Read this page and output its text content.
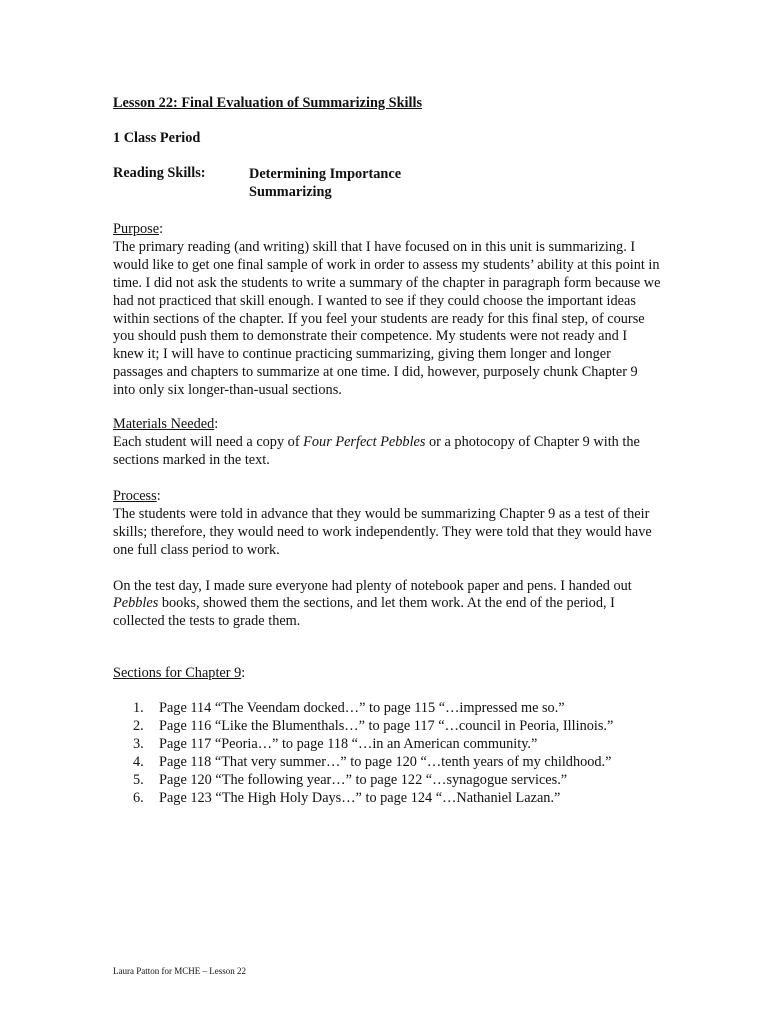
Lesson 22: Final Evaluation of Summarizing Skills
1 Class Period
Reading Skills:	Determining Importance
Summarizing
Purpose:

The primary reading (and writing) skill that I have focused on in this unit is summarizing. I would like to get one final sample of work in order to assess my students’ ability at this point in time. I did not ask the students to write a summary of the chapter in paragraph form because we had not practiced that skill enough. I wanted to see if they could choose the important ideas within sections of the chapter. If you feel your students are ready for this final step, of course you should push them to demonstrate their competence. My students were not ready and I knew it; I will have to continue practicing summarizing, giving them longer and longer passages and chapters to summarize at one time. I did, however, purposely chunk Chapter 9 into only six longer-than-usual sections.

Materials Needed:

Each student will need a copy of Four Perfect Pebbles or a photocopy of Chapter 9 with the sections marked in the text.

Process:

The students were told in advance that they would be summarizing Chapter 9 as a test of their skills; therefore, they would need to work independently. They were told that they would have one full class period to work.

On the test day, I made sure everyone had plenty of notebook paper and pens. I handed out Pebbles books, showed them the sections, and let them work. At the end of the period, I collected the tests to grade them.

Sections for Chapter 9:
1.	Page 114 “The Veendam docked…” to page 115 “…impressed me so.”
2.	Page 116 “Like the Blumenthals…” to page 117 “…council in Peoria, Illinois.”
3.	Page 117 “Peoria…” to page 118 “…in an American community.”
4.	Page 118 “That very summer…” to page 120 “…tenth years of my childhood.”
5.	Page 120 “The following year…” to page 122 “…synagogue services.”
6.	Page 123 “The High Holy Days…” to page 124 “…Nathaniel Lazan.”
Laura Patton for MCHE – Lesson 22
